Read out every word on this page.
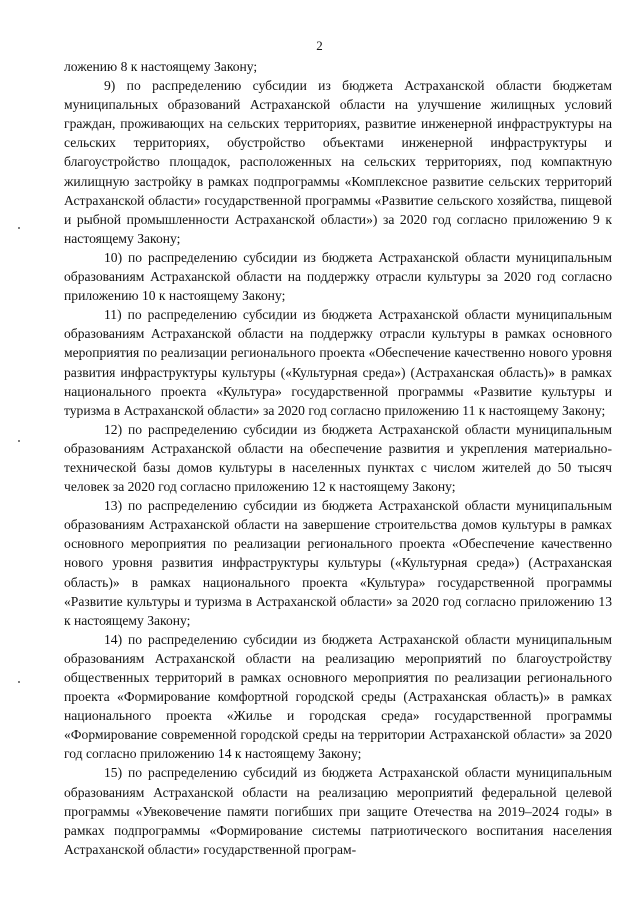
2

ложению 8 к настоящему Закону;

9) по распределению субсидии из бюджета Астраханской области бюджетам муниципальных образований Астраханской области на улучшение жилищных условий граждан, проживающих на сельских территориях, развитие инженерной инфраструктуры на сельских территориях, обустройство объектами инженерной инфраструктуры и благоустройство площадок, расположенных на сельских территориях, под компактную жилищную застройку в рамках подпрограммы «Комплексное развитие сельских территорий Астраханской области» государственной программы «Развитие сельского хозяйства, пищевой и рыбной промышленности Астраханской области») за 2020 год согласно приложению 9 к настоящему Закону;

10) по распределению субсидии из бюджета Астраханской области муниципальным образованиям Астраханской области на поддержку отрасли культуры за 2020 год согласно приложению 10 к настоящему Закону;

11) по распределению субсидии из бюджета Астраханской области муниципальным образованиям Астраханской области на поддержку отрасли культуры в рамках основного мероприятия по реализации регионального проекта «Обеспечение качественно нового уровня развития инфраструктуры культуры («Культурная среда») (Астраханская область)» в рамках национального проекта «Культура» государственной программы «Развитие культуры и туризма в Астраханской области» за 2020 год согласно приложению 11 к настоящему Закону;

12) по распределению субсидии из бюджета Астраханской области муниципальным образованиям Астраханской области на обеспечение развития и укрепления материально-технической базы домов культуры в населенных пунктах с числом жителей до 50 тысяч человек за 2020 год согласно приложению 12 к настоящему Закону;

13) по распределению субсидии из бюджета Астраханской области муниципальным образованиям Астраханской области на завершение строительства домов культуры в рамках основного мероприятия по реализации регионального проекта «Обеспечение качественно нового уровня развития инфраструктуры культуры («Культурная среда») (Астраханская область)» в рамках национального проекта «Культура» государственной программы «Развитие культуры и туризма в Астраханской области» за 2020 год согласно приложению 13 к настоящему Закону;

14) по распределению субсидии из бюджета Астраханской области муниципальным образованиям Астраханской области на реализацию мероприятий по благоустройству общественных территорий в рамках основного мероприятия по реализации регионального проекта «Формирование комфортной городской среды (Астраханская область)» в рамках национального проекта «Жилье и городская среда» государственной программы «Формирование современной городской среды на территории Астраханской области» за 2020 год согласно приложению 14 к настоящему Закону;

15) по распределению субсидий из бюджета Астраханской области муниципальным образованиям Астраханской области на реализацию мероприятий федеральной целевой программы «Увековечение памяти погибших при защите Отечества на 2019–2024 годы» в рамках подпрограммы «Формирование системы патриотического воспитания населения Астраханской области» государственной програм-
